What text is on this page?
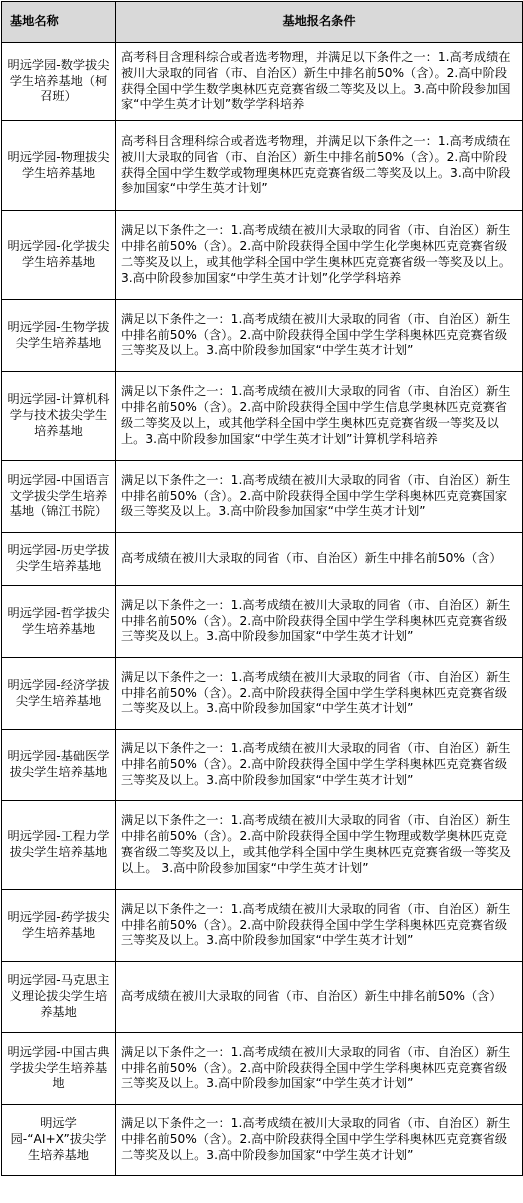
基地名称	基地报名条件
明远学园-数学拔尖学生培养基地（柯召班）	高考科目含理科综合或者选考物理，并满足以下条件之一：1.高考成绩在被川大录取的同省（市、自治区）新生中排名前50%（含）。2.高中阶段获得全国中学生数学奥林匹克竞赛省级二等奖及以上。3.高中阶段参加国家“中学生英才计划”数学学科培养
明远学园-物理拔尖学生培养基地	高考科目含理科综合或者选考物理，并满足以下条件之一：1.高考成绩在被川大录取的同省（市、自治区）新生中排名前50%（含）。2.高中阶段获得全国中学生数学或物理奥林匹克竞赛省级二等奖及以上。3.高中阶段参加国家“中学生英才计划”
明远学园-化学拔尖学生培养基地	满足以下条件之一：1.高考成绩在被川大录取的同省（市、自治区）新生中排名前50%（含）。2.高中阶段获得全国中学生化学奥林匹克竞赛省级二等奖及以上，或其他学科全国中学生奥林匹克竞赛省级一等奖及以上。3.高中阶段参加国家“中学生英才计划”化学学科培养
明远学园-生物学拔尖学生培养基地	满足以下条件之一：1.高考成绩在被川大录取的同省（市、自治区）新生中排名前50%（含）。2.高中阶段获得全国中学生学科奥林匹克竞赛省级三等奖及以上。3.高中阶段参加国家“中学生英才计划”
明远学园-计算机科学与技术拔尖学生培养基地	满足以下条件之一：1.高考成绩在被川大录取的同省（市、自治区）新生中排名前50%（含）。2.高中阶段获得全国中学生信息学奥林匹克竞赛省级二等奖及以上，或其他学科全国中学生奥林匹克竞赛省级一等奖及以上。3.高中阶段参加国家“中学生英才计划”计算机学科培养
明远学园-中国语言文学拔尖学生培养基地（锦江书院）	满足以下条件之一：1.高考成绩在被川大录取的同省（市、自治区）新生中排名前50%（含）。2.高中阶段获得全国中学生学科奥林匹克竞赛国家级三等奖及以上。3.高中阶段参加国家“中学生英才计划”
明远学园-历史学拔尖学生培养基地	高考成绩在被川大录取的同省（市、自治区）新生中排名前50%（含）
明远学园-哲学拔尖学生培养基地	满足以下条件之一：1.高考成绩在被川大录取的同省（市、自治区）新生中排名前50%（含）。2.高中阶段获得全国中学生学科奥林匹克竞赛省级三等奖及以上。3.高中阶段参加国家“中学生英才计划”
明远学园-经济学拔尖学生培养基地	满足以下条件之一：1.高考成绩在被川大录取的同省（市、自治区）新生中排名前50%（含）。2.高中阶段获得全国中学生学科奥林匹克竞赛省级二等奖及以上。3.高中阶段参加国家“中学生英才计划”
明远学园-基础医学拔尖学生培养基地	满足以下条件之一：1.高考成绩在被川大录取的同省（市、自治区）新生中排名前50%（含）。2.高中阶段获得全国中学生学科奥林匹克竞赛省级三等奖及以上。3.高中阶段参加国家“中学生英才计划”
明远学园-工程力学拔尖学生培养基地	满足以下条件之一：1.高考成绩在被川大录取的同省（市、自治区）新生中排名前50%（含）。2.高中阶段获得全国中学生物理或数学奥林匹克竞赛省级二等奖及以上，或其他学科全国中学生奥林匹克竞赛省级一等奖及以上。 3.高中阶段参加国家“中学生英才计划”
明远学园-药学拔尖学生培养基地	满足以下条件之一：1.高考成绩在被川大录取的同省（市、自治区）新生中排名前50%（含）。2.高中阶段获得全国中学生学科奥林匹克竞赛省级三等奖及以上。3.高中阶段参加国家“中学生英才计划”
明远学园-马克思主义理论拔尖学生培养基地	高考成绩在被川大录取的同省（市、自治区）新生中排名前50%（含）
明远学园-中国古典学拔尖学生培养基地	满足以下条件之一：1.高考成绩在被川大录取的同省（市、自治区）新生中排名前50%（含）。2.高中阶段获得全国中学生学科奥林匹克竞赛省级三等奖及以上。3.高中阶段参加国家“中学生英才计划”
明远学园-“AI+X”拔尖学生培养基地	满足以下条件之一：1.高考成绩在被川大录取的同省（市、自治区）新生中排名前50%（含）。2.高中阶段获得全国中学生学科奥林匹克竞赛省级二等奖及以上。3.高中阶段参加国家“中学生英才计划”
